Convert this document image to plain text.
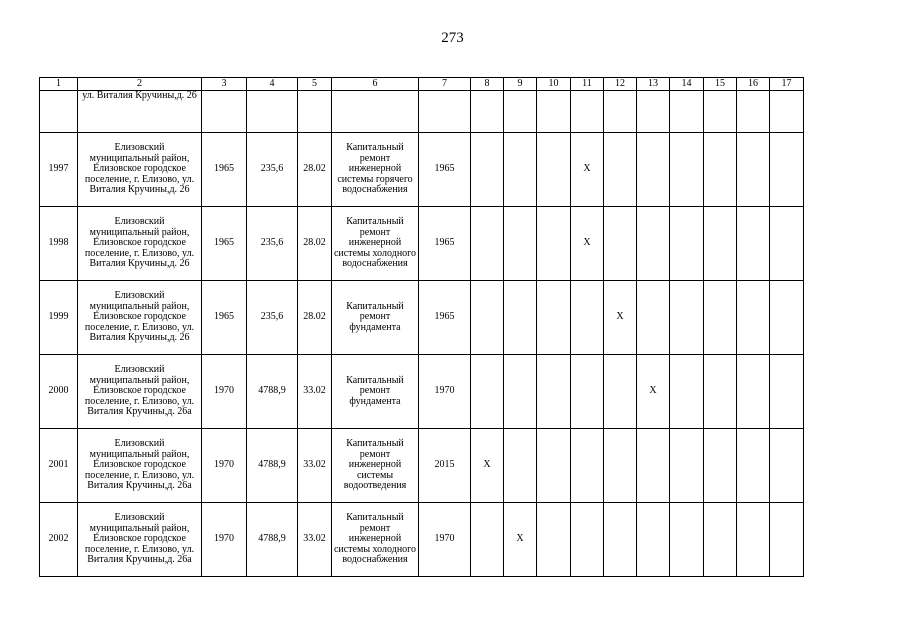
273
1	2	3	4	5	6	7	8	9	10	11	12	13	14	15	16	17
	ул. Виталия Кручины,д. 26															
1997	Елизовский муниципальный район, Елизовское городское поселение, г. Елизово, ул. Виталия Кручины,д. 26	1965	235,6	28.02	Капитальный ремонт инженерной системы горячего водоснабжения	1965				X						
1998	Елизовский муниципальный район, Елизовское городское поселение, г. Елизово, ул. Виталия Кручины,д. 26	1965	235,6	28.02	Капитальный ремонт инженерной системы холодного водоснабжения	1965				X						
1999	Елизовский муниципальный район, Елизовское городское поселение, г. Елизово, ул. Виталия Кручины,д. 26	1965	235,6	28.02	Капитальный ремонт фундамента	1965					X					
2000	Елизовский муниципальный район, Елизовское городское поселение, г. Елизово, ул. Виталия Кручины,д. 26а	1970	4788,9	33.02	Капитальный ремонт фундамента	1970						X				
2001	Елизовский муниципальный район, Елизовское городское поселение, г. Елизово, ул. Виталия Кручины,д. 26а	1970	4788,9	33.02	Капитальный ремонт инженерной системы водоотведения	2015	X									
2002	Елизовский муниципальный район, Елизовское городское поселение, г. Елизово, ул. Виталия Кручины,д. 26а	1970	4788,9	33.02	Капитальный ремонт инженерной системы холодного водоснабжения	1970		X								
